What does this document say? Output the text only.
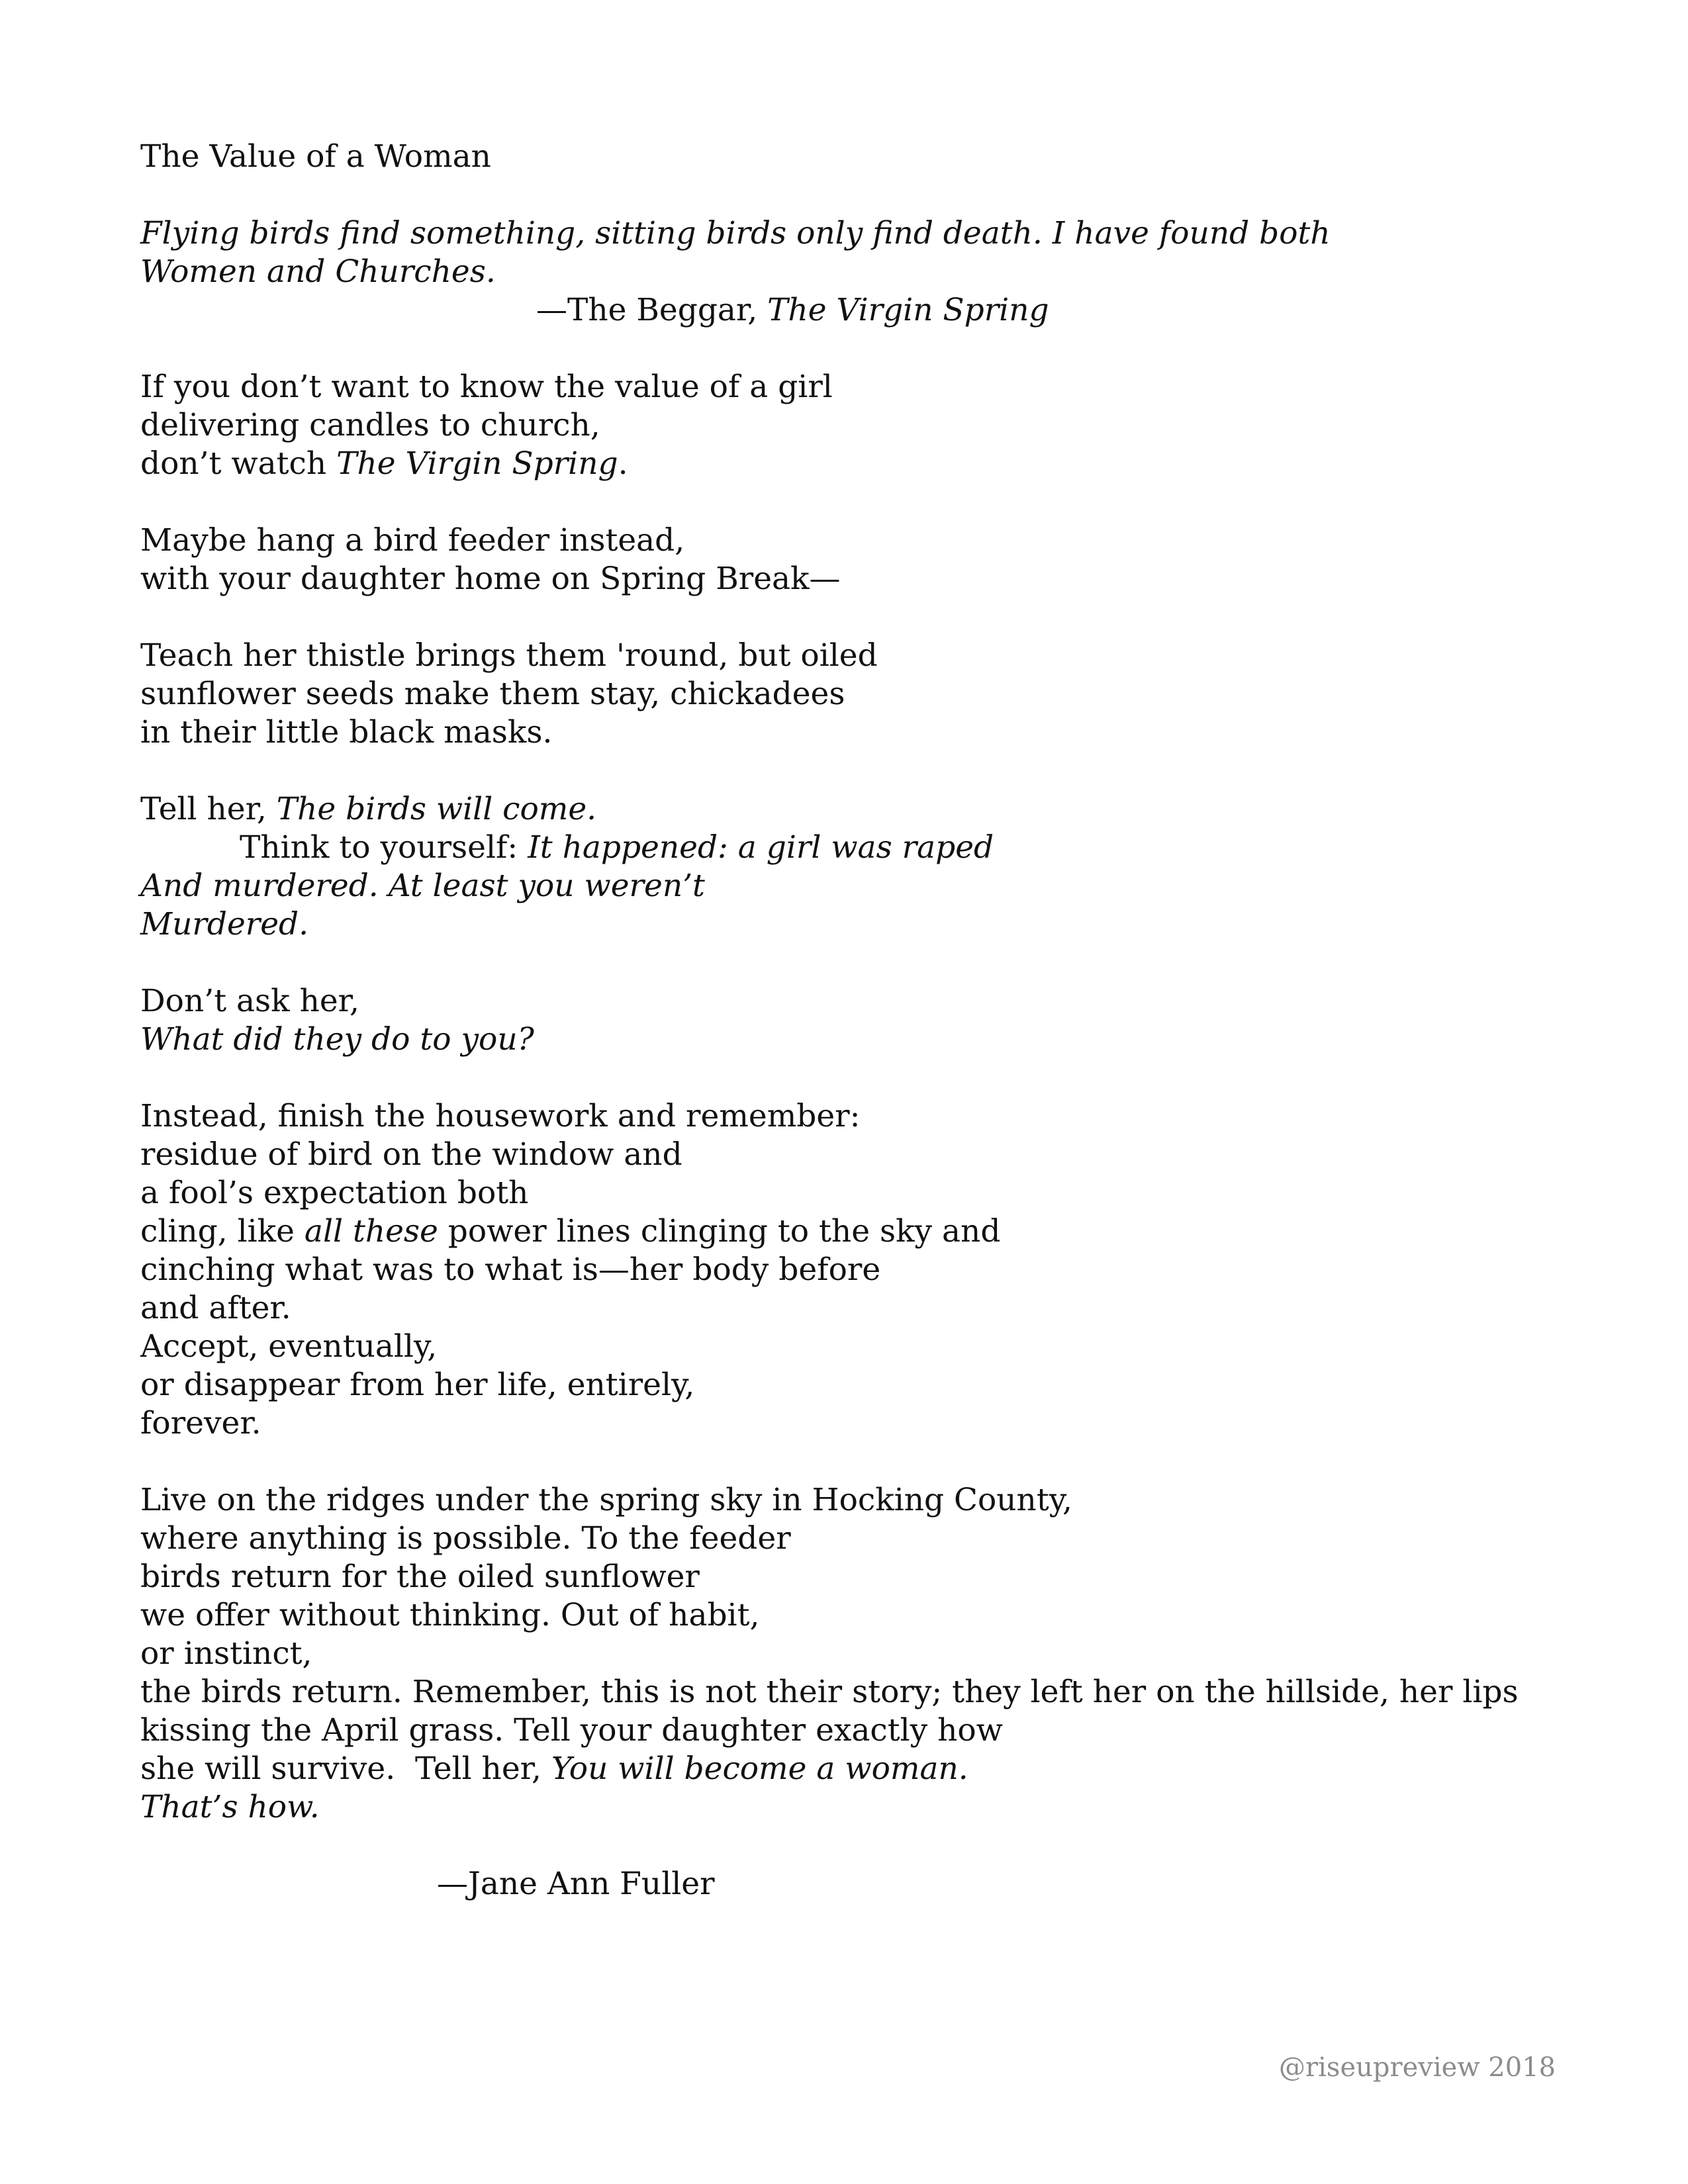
The Value of a Woman
Flying birds find something, sitting birds only find death. I have found both
Women and Churches.
—The Beggar, The Virgin Spring
If you don’t want to know the value of a girl
delivering candles to church,
don’t watch The Virgin Spring.
Maybe hang a bird feeder instead,
with your daughter home on Spring Break—
Teach her thistle brings them 'round, but oiled
sunflower seeds make them stay, chickadees
in their little black masks.
Tell her, The birds will come.
Think to yourself: It happened: a girl was raped
And murdered. At least you weren’t
Murdered.
Don’t ask her,
What did they do to you?
Instead, finish the housework and remember:
residue of bird on the window and
a fool’s expectation both
cling, like all these power lines clinging to the sky and
cinching what was to what is—her body before
and after.
Accept, eventually,
or disappear from her life, entirely,
forever.
Live on the ridges under the spring sky in Hocking County,
where anything is possible. To the feeder
birds return for the oiled sunflower
we offer without thinking. Out of habit,
or instinct,
the birds return. Remember, this is not their story; they left her on the hillside, her lips
kissing the April grass. Tell your daughter exactly how
she will survive.  Tell her, You will become a woman.
That’s how.
—Jane Ann Fuller
@riseupreview 2018
